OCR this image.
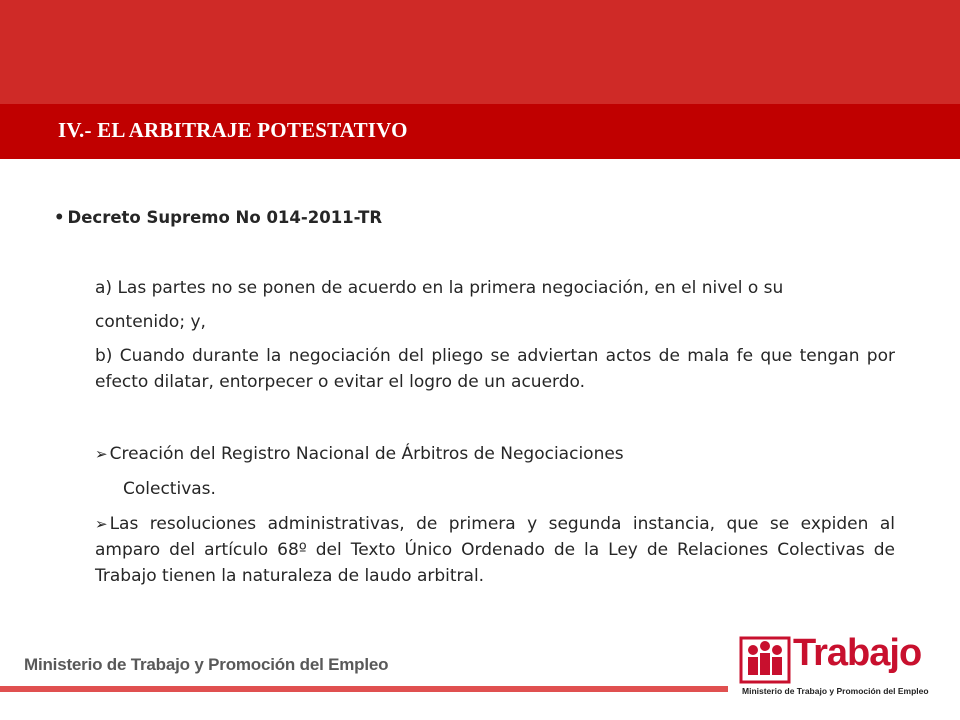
IV.- EL ARBITRAJE POTESTATIVO
• Decreto Supremo No 014-2011-TR
a) Las partes no se ponen de acuerdo en la primera negociación, en el nivel o su
contenido; y,
b) Cuando durante la negociación del pliego se adviertan actos de mala fe que tengan por efecto dilatar, entorpecer o evitar el logro de un acuerdo.
➢ Creación del Registro Nacional de Árbitros de Negociaciones
Colectivas.
➢ Las resoluciones administrativas, de primera y segunda instancia, que se expiden al amparo del artículo 68º del Texto Único Ordenado de la Ley de Relaciones Colectivas de Trabajo tienen la naturaleza de laudo arbitral.
Ministerio de Trabajo y Promoción del Empleo	Trabajo
Ministerio de Trabajo y Promoción del Empleo
